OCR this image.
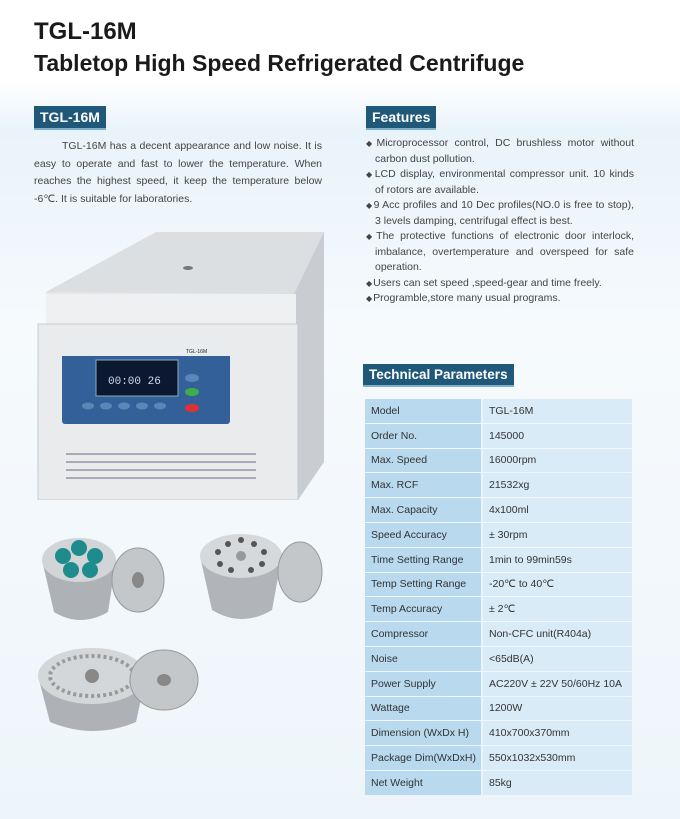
TGL-16M
Tabletop High Speed Refrigerated Centrifuge
TGL-16M
TGL-16M has a decent appearance and low noise. It is easy to operate and fast to lower the temperature. When reaches the highest speed, it keep the temperature below -6℃. It is suitable for laboratories.
Features
◆ Microprocessor control, DC brushless motor without carbon dust pollution.
◆ LCD display, environmental compressor unit. 10 kinds of rotors are available.
◆ 9 Acc profiles and 10 Dec profiles(NO.0 is free to stop), 3 levels damping, centrifugal effect is best.
◆ The protective functions of electronic door interlock, imbalance, overtemperature and overspeed for safe operation.
◆ Users can set speed ,speed-gear and time freely.
◆ Programble,store many usual programs.
TGL-16M
00:00 26	Technical Parameters
Model	TGL-16M
Order No.	145000
Max. Speed	16000rpm
Max. RCF	21532xg
Max. Capacity	4x100ml
Speed Accuracy	± 30rpm
Time Setting Range	1min to 99min59s
Temp Setting Range	-20℃ to 40℃
Temp Accuracy	± 2℃
Compressor	Non-CFC unit(R404a)
Noise	<65dB(A)
Power Supply	AC220V ± 22V 50/60Hz 10A
Wattage	1200W
Dimension (WxDx H)	410x700x370mm
Package Dim(WxDxH)	550x1032x530mm
Net Weight	85kg
